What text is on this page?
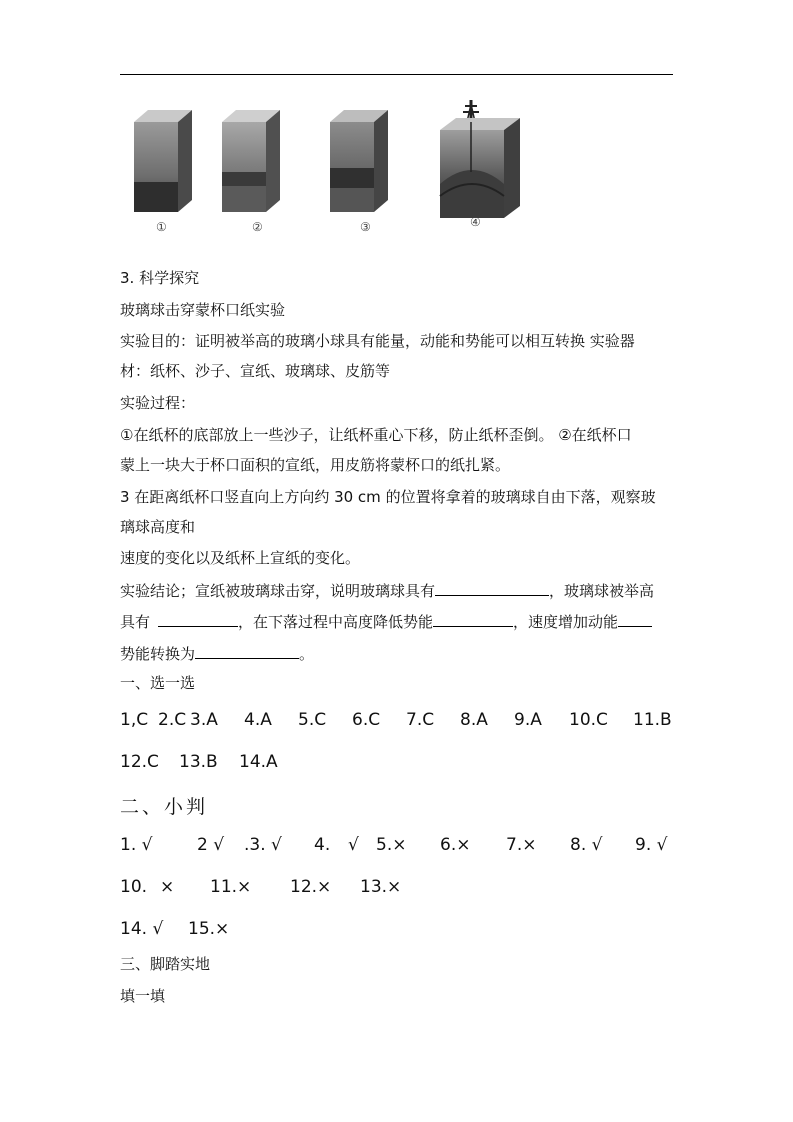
①	②	③	④
3. 科学探究
玻璃球击穿蒙杯口纸实验
实验目的：证明被举高的玻璃小球具有能量，动能和势能可以相互转换 实验器
材：纸杯、沙子、宣纸、玻璃球、皮筋等
实验过程：
①在纸杯的底部放上一些沙子，让纸杯重心下移，防止纸杯歪倒。 ②在纸杯口
蒙上一块大于杯口面积的宣纸，用皮筋将蒙杯口的纸扎紧。
3 在距离纸杯口竖直向上方向约 30 cm 的位置将拿着的玻璃球自由下落，观察玻
璃球高度和
速度的变化以及纸杯上宣纸的变化。
实验结论；宣纸被玻璃球击穿，说明玻璃球具有	，玻璃球被举高
具有	，在下落过程中高度降低势能	，速度增加动能
势能转换为	。
一、选一选
1,C 2.C 3.A 4.A 5.C 6.C 7.C 8.A 9.A 10.C 11.B
12.C 13.B 14.A
二、小判
1. √	2 √ .3. √ 4. √ 5.× 6.× 7.× 8. √ 9. √
10. × 11.× 12.× 13.×
14. √ 15.×
三、脚踏实地
填一填
